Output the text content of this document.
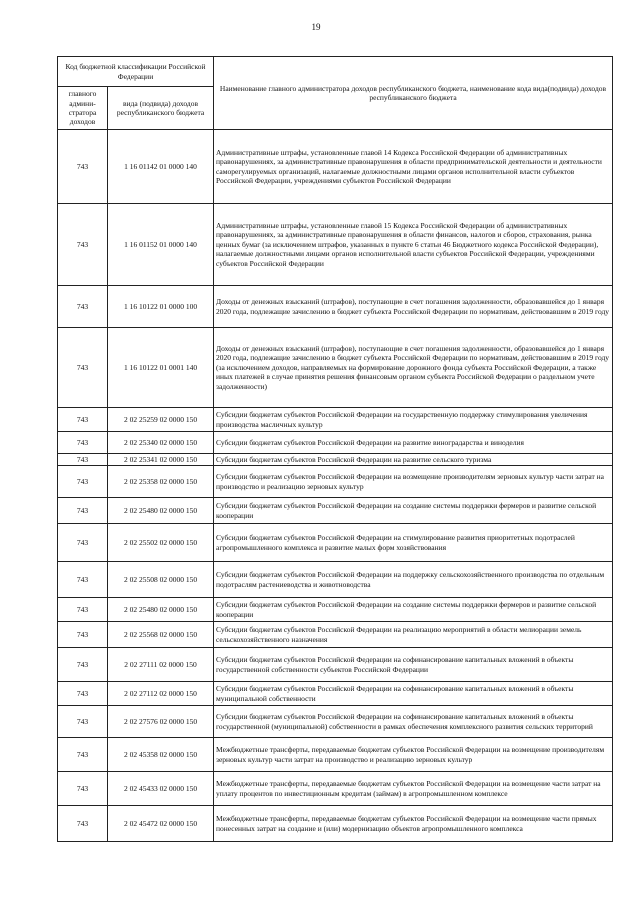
19
Код бюджетной классификации Российской Федерации		Наименование главного администратора доходов республиканского бюджета, наименование кода вида(подвида) доходов республиканского бюджета
главного админи-стратора доходов	вида (подвида) доходов республиканского бюджета	
743	1 16 01142 01 0000 140	Административные штрафы, установленные главой 14 Кодекса Российской Федерации об административных правонарушениях, за административные правонарушения в области предпринимательской деятельности и деятельности саморегулируемых организаций, налагаемые должностными лицами органов исполнительной власти субъектов Российской Федерации, учреждениями субъектов Российской Федерации
743	1 16 01152 01 0000 140	Административные штрафы, установленные главой 15 Кодекса Российской Федерации об административных правонарушениях, за административные правонарушения в области финансов, налогов и сборов, страхования, рынка ценных бумаг (за исключением штрафов, указанных в пункте 6 статьи 46 Бюджетного кодекса Российской Федерации), налагаемые должностными лицами органов исполнительной власти субъектов Российской Федерации, учреждениями субъектов Российской Федерации
743	1 16 10122 01 0000 100	Доходы от денежных взысканий (штрафов), поступающие в счет погашения задолженности, образовавшейся до 1 января 2020 года, подлежащие зачислению в бюджет субъекта Российской Федерации по нормативам, действовавшим в 2019 году
743	1 16 10122 01 0001 140	Доходы от денежных взысканий (штрафов), поступающие в счет погашения задолженности, образовавшейся до 1 января 2020 года, подлежащие зачислению в бюджет субъекта Российской Федерации по нормативам, действовавшим в 2019 году (за исключением доходов, направляемых на формирование дорожного фонда субъекта Российской Федерации, а также иных платежей в случае принятия решения финансовым органом субъекта Российской Федерации о раздельном учете задолженности)
743	2 02 25259 02 0000 150	Субсидии бюджетам субъектов Российской Федерации на государственную поддержку стимулирования увеличения производства масличных культур
743	2 02 25340 02 0000 150	Субсидии бюджетам субъектов Российской Федерации на развитие виноградарства и виноделия
743	2 02 25341 02 0000 150	Субсидии бюджетам субъектов Российской Федерации на развитие сельского туризма
743	2 02 25358 02 0000 150	Субсидии бюджетам субъектов Российской Федерации на возмещение производителям зерновых культур части затрат на производство и реализацию зерновых культур
743	2 02 25480 02 0000 150	Субсидии бюджетам субъектов Российской Федерации на создание системы поддержки фермеров и развитие сельской кооперации
743	2 02 25502 02 0000 150	Субсидии бюджетам субъектов Российской Федерации на стимулирование развития приоритетных подотраслей агропромышленного комплекса и развитие малых форм хозяйствования
743	2 02 25508 02 0000 150	Субсидии бюджетам субъектов Российской Федерации на поддержку сельскохозяйственного производства по отдельным подотраслям растениеводства и животноводства
743	2 02 25480 02 0000 150	Субсидии бюджетам субъектов Российской Федерации на создание системы поддержки фермеров и развитие сельской кооперации
743	2 02 25568 02 0000 150	Субсидии бюджетам субъектов Российской Федерации на реализацию мероприятий в области мелиорации земель сельскохозяйственного назначения
743	2 02 27111 02 0000 150	Субсидии бюджетам субъектов Российской Федерации на софинансирование капитальных вложений в объекты государственной собственности субъектов Российской Федерации
743	2 02 27112 02 0000 150	Субсидии бюджетам субъектов Российской Федерации на софинансирование капитальных вложений в объекты муниципальной собственности
743	2 02 27576 02 0000 150	Субсидии бюджетам субъектов Российской Федерации на софинансирование капитальных вложений в объекты государственной (муниципальной) собственности в рамках обеспечения комплексного развития сельских территорий
743	2 02 45358 02 0000 150	Межбюджетные трансферты, передаваемые бюджетам субъектов Российской Федерации на возмещение производителям зерновых культур части затрат на производство и реализацию зерновых культур
743	2 02 45433 02 0000 150	Межбюджетные трансферты, передаваемые бюджетам субъектов Российской Федерации на возмещение части затрат на уплату процентов по инвестиционным кредитам (займам) в агропромышленном комплексе
743	2 02 45472 02 0000 150	Межбюджетные трансферты, передаваемые бюджетам субъектов Российской Федерации на возмещение части прямых понесенных затрат на создание и (или) модернизацию объектов агропромышленного комплекса
